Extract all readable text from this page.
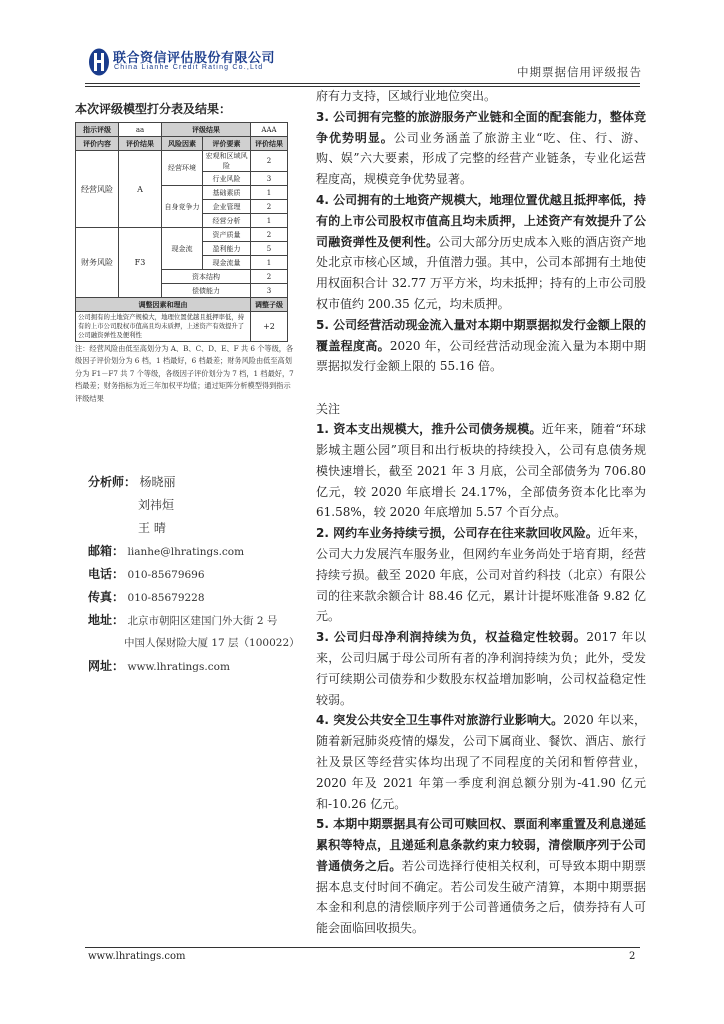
联合资信评估股份有限公司
China Lianhe Credit Rating Co.,Ltd	中期票据信用评级报告
本次评级模型打分表及结果：
指示评级	aa	评级结果		AAA
评价内容	评价结果	风险因素	评价要素	评价结果
经营风险	A	经营环境	宏观和区域风险	2
			行业风险	3
		自身竞争力	基础素质	1
			企业管理	2
			经营分析	1
财务风险	F3	现金流	资产质量	2
			盈利能力	5
			现金流量	1
		资本结构		2
		偿债能力		3
调整因素和理由				调整子级
公司拥有的土地资产规模大，地理位置优越且抵押率低，持有的上市公司股权市值高且均未质押，上述资产有效提升了公司融资弹性及便利性				+2
注：经营风险由低至高划分为 A、B、C、D、E、F 共 6 个等级，各级因子评价划分为 6 档，1 档最好，6 档最差；财务风险由低至高划分为 F1－F7 共 7 个等级，各级因子评价划分为 7 档，1 档最好，7 档最差；财务指标为近三年加权平均值；通过矩阵分析模型得到指示评级结果
分析师： 杨晓丽
刘祎烜
王 晴
邮箱： lianhe@lhratings.com
电话： 010-85679696
传真： 010-85679228
地址： 北京市朝阳区建国门外大街 2 号
中国人保财险大厦 17 层（100022）
网址： www.lhratings.com

府有力支持，区域行业地位突出。

3. 公司拥有完整的旅游服务产业链和全面的配套能力，整体竞争优势明显。公司业务涵盖了旅游主业“吃、住、行、游、购、娱”六大要素，形成了完整的经营产业链条，专业化运营程度高，规模竞争优势显著。

4. 公司拥有的土地资产规模大，地理位置优越且抵押率低，持有的上市公司股权市值高且均未质押，上述资产有效提升了公司融资弹性及便利性。公司大部分历史成本入账的酒店资产地处北京市核心区域，升值潜力强。其中，公司本部拥有土地使用权面积合计 32.77 万平方米，均未抵押；持有的上市公司股权市值约 200.35 亿元，均未质押。

5. 公司经营活动现金流入量对本期中期票据拟发行金额上限的覆盖程度高。2020 年，公司经营活动现金流入量为本期中期票据拟发行金额上限的 55.16 倍。

关注

1. 资本支出规模大，推升公司债务规模。近年来，随着“环球影城主题公园”项目和出行板块的持续投入，公司有息债务规模快速增长，截至 2021 年 3 月底，公司全部债务为 706.80 亿元，较 2020 年底增长 24.17%，全部债务资本化比率为 61.58%，较 2020 年底增加 5.57 个百分点。

2. 网约车业务持续亏损，公司存在往来款回收风险。近年来，公司大力发展汽车服务业，但网约车业务尚处于培育期，经营持续亏损。截至 2020 年底，公司对首约科技（北京）有限公司的往来款余额合计 88.46 亿元，累计计提坏账准备 9.82 亿元。

3. 公司归母净利润持续为负，权益稳定性较弱。2017 年以来，公司归属于母公司所有者的净利润持续为负；此外，受发行可续期公司债券和少数股东权益增加影响，公司权益稳定性较弱。

4. 突发公共安全卫生事件对旅游行业影响大。2020 年以来，随着新冠肺炎疫情的爆发，公司下属商业、餐饮、酒店、旅行社及景区等经营实体均出现了不同程度的关闭和暂停营业，2020 年及 2021 年第一季度利润总额分别为-41.90 亿元和-10.26 亿元。

5. 本期中期票据具有公司可赎回权、票面利率重置及利息递延累积等特点，且递延利息条款约束力较弱，清偿顺序列于公司普通债务之后。若公司选择行使相关权利，可导致本期中期票据本息支付时间不确定。若公司发生破产清算，本期中期票据本金和利息的清偿顺序列于公司普通债务之后，债券持有人可能会面临回收损失。

www.lhratings.com	2
